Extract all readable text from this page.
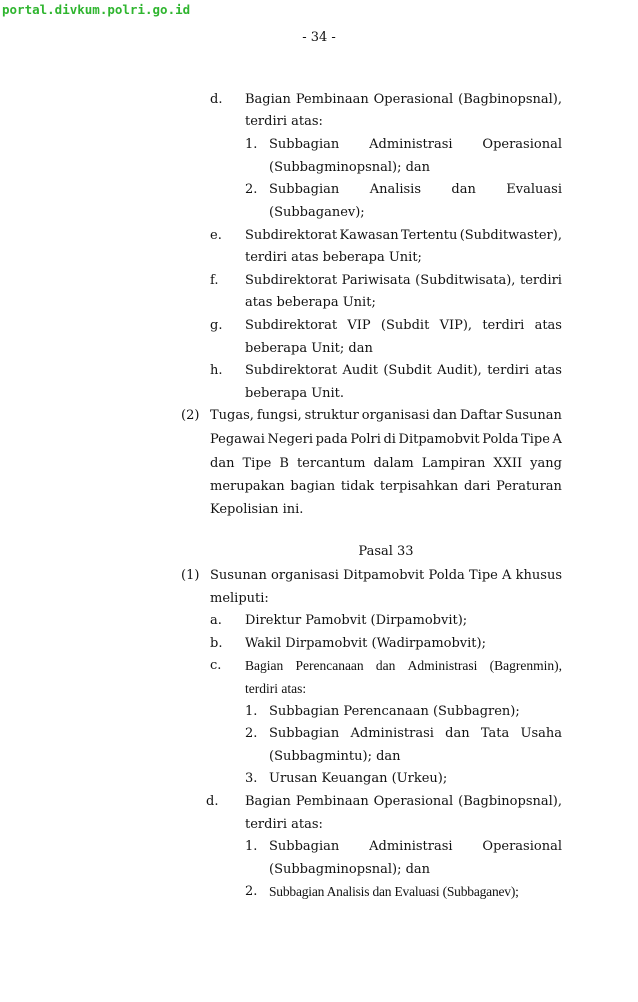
portal.divkum.polri.go.id
- 34 -
d. Bagian Pembinaan Operasional (Bagbinopsnal),
terdiri atas:
1. Subbagian Administrasi Operasional
(Subbagminopsnal); dan
2. Subbagian Analisis dan Evaluasi
(Subbaganev);
e. Subdirektorat Kawasan Tertentu (Subditwaster),
terdiri atas beberapa Unit;
f. Subdirektorat Pariwisata (Subditwisata), terdiri
atas beberapa Unit;
g. Subdirektorat VIP (Subdit VIP), terdiri atas
beberapa Unit; dan
h. Subdirektorat Audit (Subdit Audit), terdiri atas
beberapa Unit.
(2) Tugas, fungsi, struktur organisasi dan Daftar Susunan
Pegawai Negeri pada Polri di Ditpamobvit Polda Tipe A
dan Tipe B tercantum dalam Lampiran XXII yang
merupakan bagian tidak terpisahkan dari Peraturan
Kepolisian ini.
Pasal 33
(1) Susunan organisasi Ditpamobvit Polda Tipe A khusus
meliputi:
a. Direktur Pamobvit (Dirpamobvit);
b. Wakil Dirpamobvit (Wadirpamobvit);
c. Bagian Perencanaan dan Administrasi (Bagrenmin),
terdiri atas:
1. Subbagian Perencanaan (Subbagren);
2. Subbagian Administrasi dan Tata Usaha
(Subbagmintu); dan
3. Urusan Keuangan (Urkeu);
d. Bagian Pembinaan Operasional (Bagbinopsnal),
terdiri atas:
1. Subbagian Administrasi Operasional
(Subbagminopsnal); dan
2. Subbagian Analisis dan Evaluasi (Subbaganev);
